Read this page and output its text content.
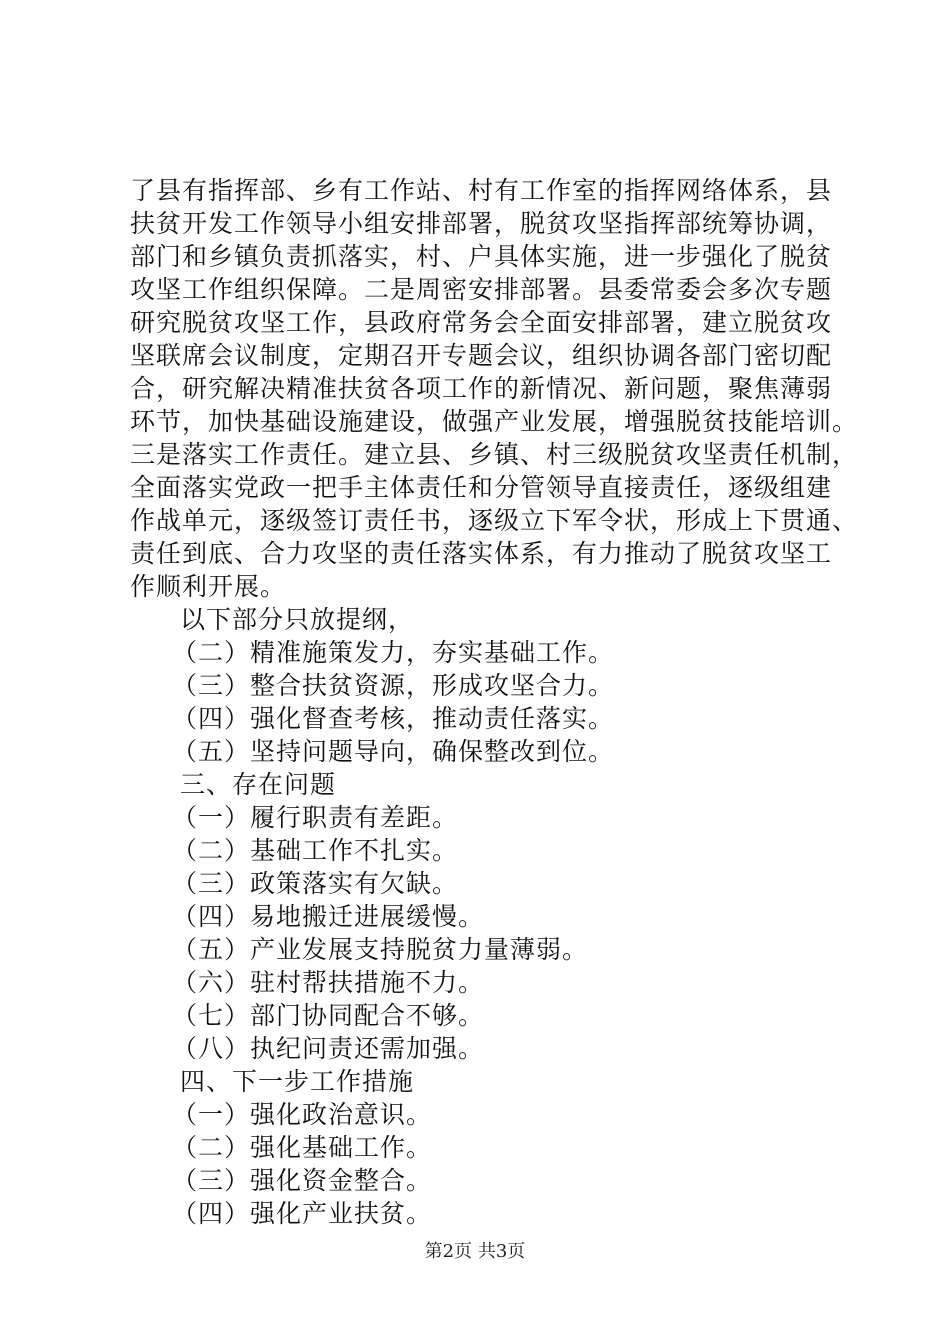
了县有指挥部、乡有工作站、村有工作室的指挥网络体系，县
扶贫开发工作领导小组安排部署，脱贫攻坚指挥部统筹协调，
部门和乡镇负责抓落实，村、户具体实施，进一步强化了脱贫
攻坚工作组织保障。二是周密安排部署。县委常委会多次专题
研究脱贫攻坚工作，县政府常务会全面安排部署，建立脱贫攻
坚联席会议制度，定期召开专题会议，组织协调各部门密切配
合，研究解决精准扶贫各项工作的新情况、新问题，聚焦薄弱
环节，加快基础设施建设，做强产业发展，增强脱贫技能培训。
三是落实工作责任。建立县、乡镇、村三级脱贫攻坚责任机制，
全面落实党政一把手主体责任和分管领导直接责任，逐级组建
作战单元，逐级签订责任书，逐级立下军令状，形成上下贯通、
责任到底、合力攻坚的责任落实体系，有力推动了脱贫攻坚工
作顺利开展。
以下部分只放提纲，
（二）精准施策发力，夯实基础工作。
（三）整合扶贫资源，形成攻坚合力。
（四）强化督查考核，推动责任落实。
（五）坚持问题导向，确保整改到位。
三、存在问题
（一）履行职责有差距。
（二）基础工作不扎实。
（三）政策落实有欠缺。
（四）易地搬迁进展缓慢。
（五）产业发展支持脱贫力量薄弱。
（六）驻村帮扶措施不力。
（七）部门协同配合不够。
（八）执纪问责还需加强。
四、下一步工作措施
（一）强化政治意识。
（二）强化基础工作。
（三）强化资金整合。
（四）强化产业扶贫。
第2页 共3页
